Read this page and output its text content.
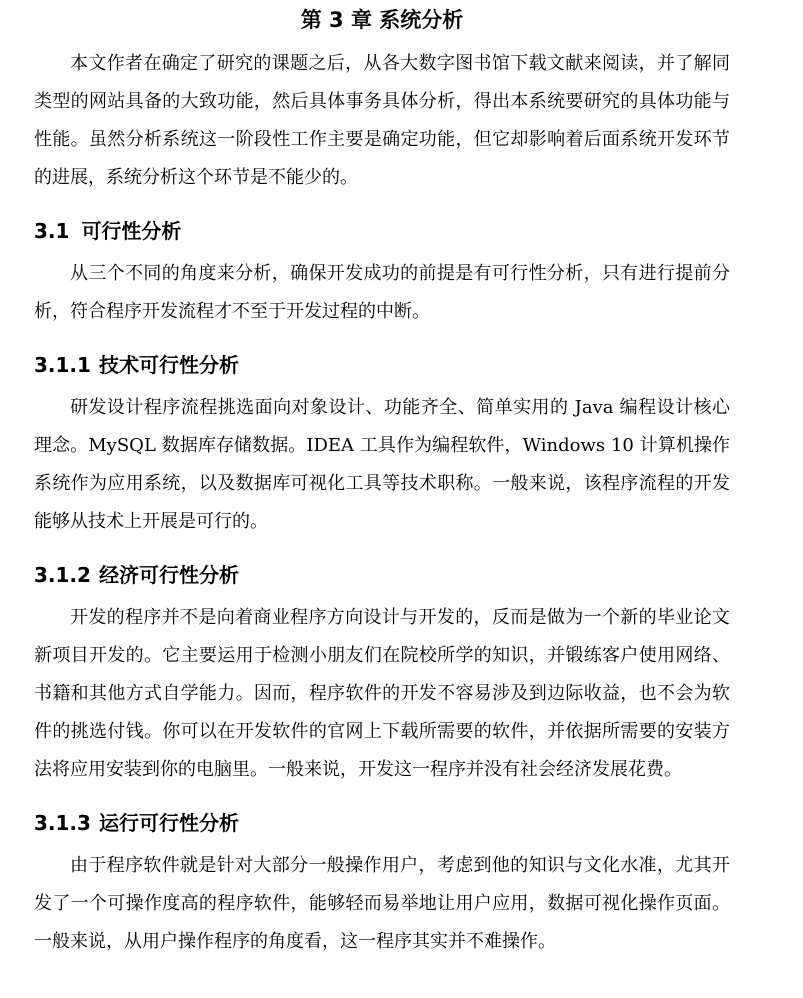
第 3 章 系统分析

本文作者在确定了研究的课题之后，从各大数字图书馆下载文献来阅读，并了解同类型的网站具备的大致功能，然后具体事务具体分析，得出本系统要研究的具体功能与性能。虽然分析系统这一阶段性工作主要是确定功能，但它却影响着后面系统开发环节的进展，系统分析这个环节是不能少的。

3.1 可行性分析

从三个不同的角度来分析，确保开发成功的前提是有可行性分析，只有进行提前分析，符合程序开发流程才不至于开发过程的中断。

3.1.1 技术可行性分析

研发设计程序流程挑选面向对象设计、功能齐全、简单实用的 Java 编程设计核心理念。MySQL 数据库存储数据。IDEA 工具作为编程软件，Windows 10 计算机操作系统作为应用系统，以及数据库可视化工具等技术职称。一般来说，该程序流程的开发能够从技术上开展是可行的。

3.1.2 经济可行性分析

开发的程序并不是向着商业程序方向设计与开发的，反而是做为一个新的毕业论文新项目开发的。它主要运用于检测小朋友们在院校所学的知识，并锻练客户使用网络、书籍和其他方式自学能力。因而，程序软件的开发不容易涉及到边际收益，也不会为软件的挑选付钱。你可以在开发软件的官网上下载所需要的软件，并依据所需要的安装方法将应用安装到你的电脑里。一般来说，开发这一程序并没有社会经济发展花费。

3.1.3 运行可行性分析

由于程序软件就是针对大部分一般操作用户，考虑到他的知识与文化水准，尤其开发了一个可操作度高的程序软件，能够轻而易举地让用户应用，数据可视化操作页面。一般来说，从用户操作程序的角度看，这一程序其实并不难操作。
